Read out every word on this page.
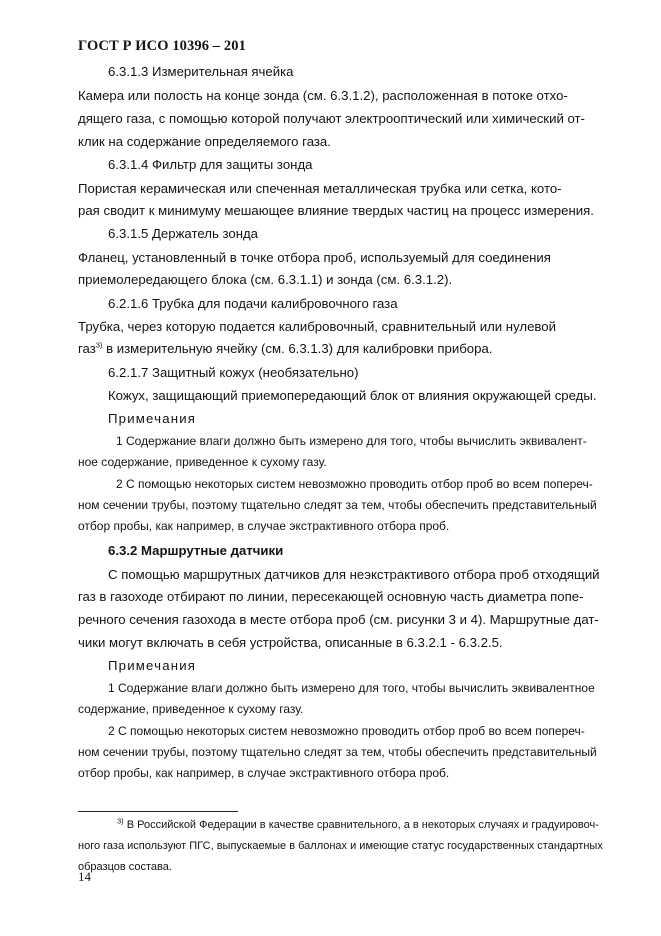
ГОСТ Р ИСО 10396 – 201
6.3.1.3 Измерительная ячейка
Камера или полость на конце зонда (см. 6.3.1.2), расположенная в потоке отхо-
дящего газа, с помощью которой получают электрооптический или химический от-
клик на содержание определяемого газа.
6.3.1.4 Фильтр для защиты зонда
Пористая керамическая или спеченная металлическая трубка или сетка, кото-
рая сводит к минимуму мешающее влияние твердых частиц на процесс измерения.
6.3.1.5 Держатель зонда
Фланец, установленный в точке отбора проб, используемый для соединения
приемолередающего блока (см. 6.3.1.1) и зонда (см. 6.3.1.2).
6.2.1.6 Трубка для подачи калибровочного газа
Трубка, через которую подается калибровочный, сравнительный или нулевой
газ$^{3)}$ в измерительную ячейку (см. 6.3.1.3) для калибровки прибора.
6.2.1.7 Защитный кожух (необязательно)
Кожух, защищающий приемопередающий блок от влияния окружающей среды.
Примечания
1 Содержание влаги должно быть измерено для того, чтобы вычислить эквивалент-
ное содержание, приведенное к сухому газу.
2 С помощью некоторых систем невозможно проводить отбор проб во всем попереч-
ном сечении трубы, поэтому тщательно следят за тем, чтобы обеспечить представительный
отбор пробы, как например, в случае экстрактивного отбора проб.
6.3.2 Маршрутные датчики
С помощью маршрутных датчиков для неэкстрактивого отбора проб отходящий
газ в газоходе отбирают по линии, пересекающей основную часть диаметра попе-
речного сечения газохода в месте отбора проб (см. рисунки 3 и 4). Маршрутные дат-
чики могут включать в себя устройства, описанные в 6.3.2.1 - 6.3.2.5.
Примечания
1 Содержание влаги должно быть измерено для того, чтобы вычислить эквивалентное
содержание, приведенное к сухому газу.
2 С помощью некоторых систем невозможно проводить отбор проб во всем попереч-
ном сечении трубы, поэтому тщательно следят за тем, чтобы обеспечить представительный
отбор пробы, как например, в случае экстрактивного отбора проб.
$^{3)}$ В Российской Федерации в качестве сравнительного, а в некоторых случаях и градуировоч-
ного газа используют ПГС, выпускаемые в баллонах и имеющие статус государственных стандартных
образцов состава.
14
